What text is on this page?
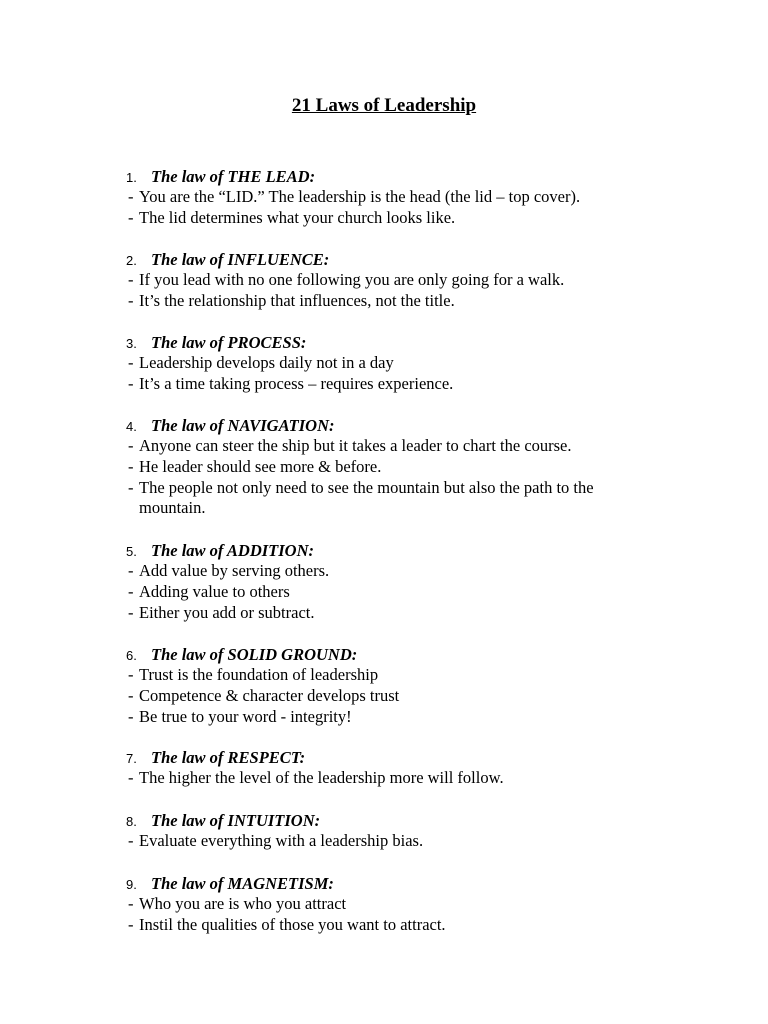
21 Laws of Leadership
1. The law of THE LEAD:
- You are the “LID.” The leadership is the head (the lid – top cover).
- The lid determines what your church looks like.
2. The law of INFLUENCE:
- If you lead with no one following you are only going for a walk.
- It’s the relationship that influences, not the title.
3. The law of PROCESS:
- Leadership develops daily not in a day
- It’s a time taking process – requires experience.
4. The law of NAVIGATION:
- Anyone can steer the ship but it takes a leader to chart the course.
- He leader should see more & before.
- The people not only need to see the mountain but also the path to the
mountain.
5. The law of ADDITION:
- Add value by serving others.
- Adding value to others
- Either you add or subtract.
6. The law of SOLID GROUND:
- Trust is the foundation of leadership
- Competence & character develops trust
- Be true to your word - integrity!
7. The law of RESPECT:
- The higher the level of the leadership more will follow.
8. The law of INTUITION:
- Evaluate everything with a leadership bias.
9. The law of MAGNETISM:
- Who you are is who you attract
- Instil the qualities of those you want to attract.
